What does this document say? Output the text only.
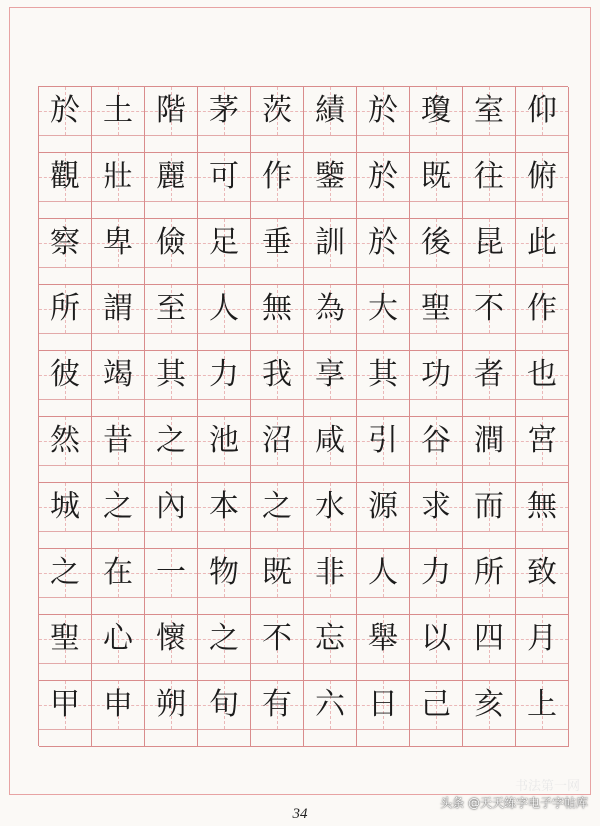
於 土 階 茅 茨 績 於 瓊 室 仰
觀 壯 麗 可 作 鑒 於 既 往 俯
察 卑 儉 足 垂 訓 於 後 昆 此
所 謂 至 人 無 為 大 聖 不 作
彼 竭 其 力 我 享 其 功 者 也
然 昔 之 池 沼 咸 引 谷 澗 宮
城 之 內 本 之 水 源 求 而 無
之 在 一 物 既 非 人 力 所 致
聖 心 懷 之 不 忘 舉 以 四 月
甲 申 朔 旬 有 六 日 己 亥 上
34
书法第一网
头条 @天天练字电子字帖库
